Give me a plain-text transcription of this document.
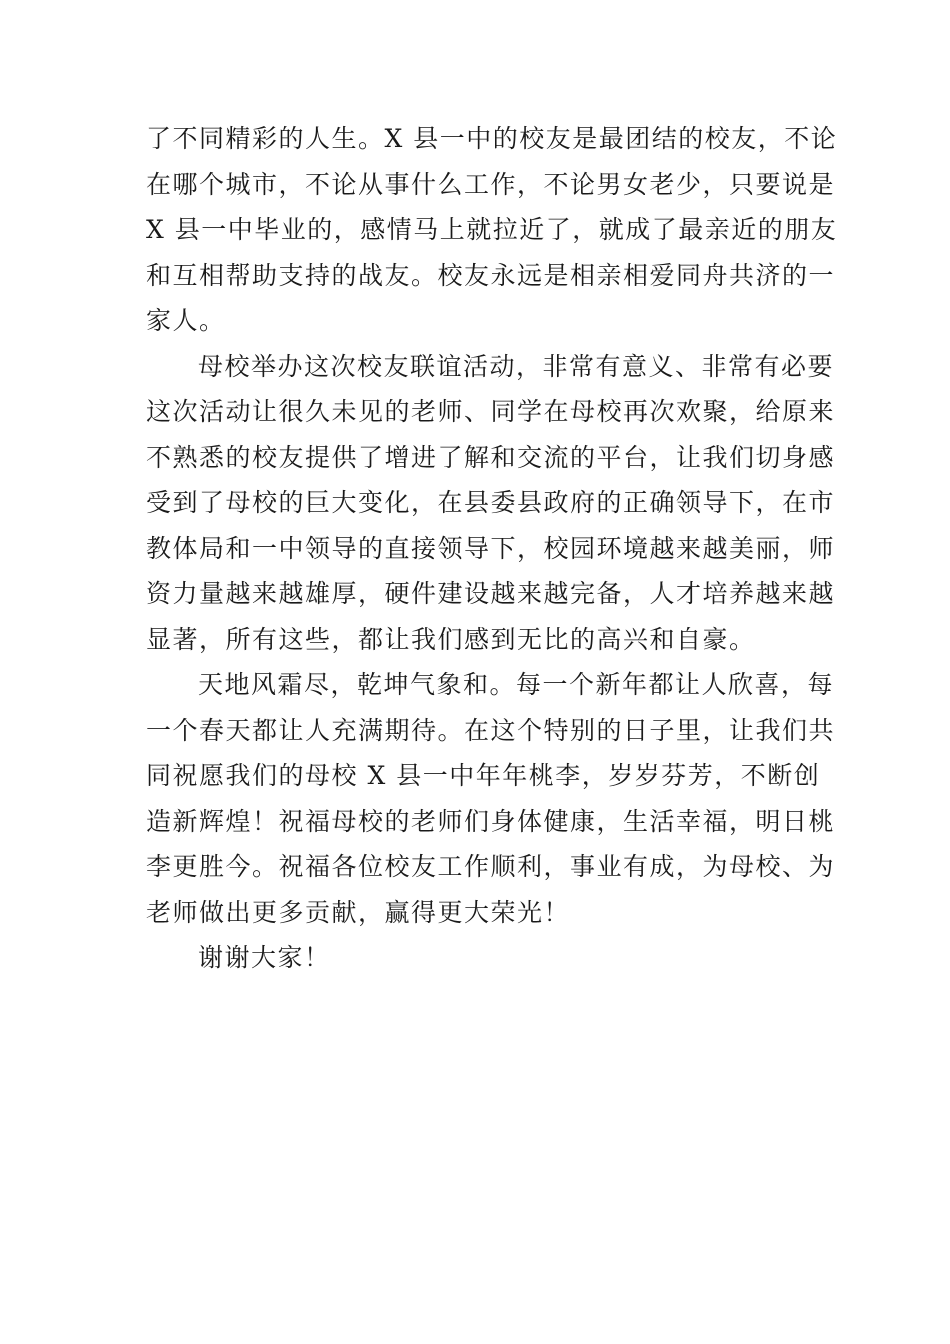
了不同精彩的人生。X 县一中的校友是最团结的校友，不论
在哪个城市，不论从事什么工作，不论男女老少，只要说是
X 县一中毕业的，感情马上就拉近了，就成了最亲近的朋友
和互相帮助支持的战友。校友永远是相亲相爱同舟共济的一
家人。
母校举办这次校友联谊活动，非常有意义、非常有必要
这次活动让很久未见的老师、同学在母校再次欢聚，给原来
不熟悉的校友提供了增进了解和交流的平台，让我们切身感
受到了母校的巨大变化，在县委县政府的正确领导下，在市
教体局和一中领导的直接领导下，校园环境越来越美丽，师
资力量越来越雄厚，硬件建设越来越完备，人才培养越来越
显著，所有这些，都让我们感到无比的高兴和自豪。
天地风霜尽，乾坤气象和。每一个新年都让人欣喜，每
一个春天都让人充满期待。在这个特别的日子里，让我们共
同祝愿我们的母校 X 县一中年年桃李，岁岁芬芳，不断创
造新辉煌！祝福母校的老师们身体健康，生活幸福，明日桃
李更胜今。祝福各位校友工作顺利，事业有成，为母校、为
老师做出更多贡献，赢得更大荣光！
谢谢大家！
